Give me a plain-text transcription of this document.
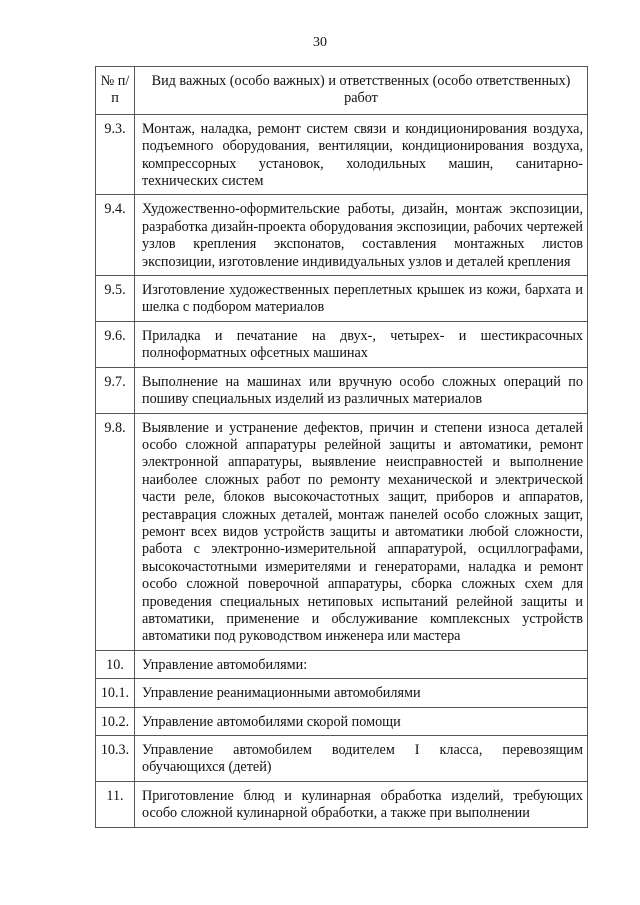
30
№ п/п	Вид важных (особо важных) и ответственных (особо ответственных) работ
9.3.	Монтаж, наладка, ремонт систем связи и кондиционирования воздуха, подъемного оборудования, вентиляции, кондиционирования воздуха, компрессорных установок, холодильных машин, санитарно-технических систем
9.4.	Художественно-оформительские работы, дизайн, монтаж экспозиции, разработка дизайн-проекта оборудования экспозиции, рабочих чертежей узлов крепления экспонатов, составления монтажных листов экспозиции, изготовление индивидуальных узлов и деталей крепления
9.5.	Изготовление художественных переплетных крышек из кожи, бархата и шелка с подбором материалов
9.6.	Приладка и печатание на двух-, четырех- и шестикрасочных полноформатных офсетных машинах
9.7.	Выполнение на машинах или вручную особо сложных операций по пошиву специальных изделий из различных материалов
9.8.	Выявление и устранение дефектов, причин и степени износа деталей особо сложной аппаратуры релейной защиты и автоматики, ремонт электронной аппаратуры, выявление неисправностей и выполнение наиболее сложных работ по ремонту механической и электрической части реле, блоков высокочастотных защит, приборов и аппаратов, реставрация сложных деталей, монтаж панелей особо сложных защит, ремонт всех видов устройств защиты и автоматики любой сложности, работа с электронно-измерительной аппаратурой, осциллографами, высокочастотными измерителями и генераторами, наладка и ремонт особо сложной поверочной аппаратуры, сборка сложных схем для проведения специальных нетиповых испытаний релейной защиты и автоматики, применение и обслуживание комплексных устройств автоматики под руководством инженера или мастера
10.	Управление автомобилями:
10.1.	Управление реанимационными автомобилями
10.2.	Управление автомобилями скорой помощи
10.3.	Управление автомобилем водителем I класса, перевозящим обучающихся (детей)
11.	Приготовление блюд и кулинарная обработка изделий, требующих особо сложной кулинарной обработки, а также при выполнении
